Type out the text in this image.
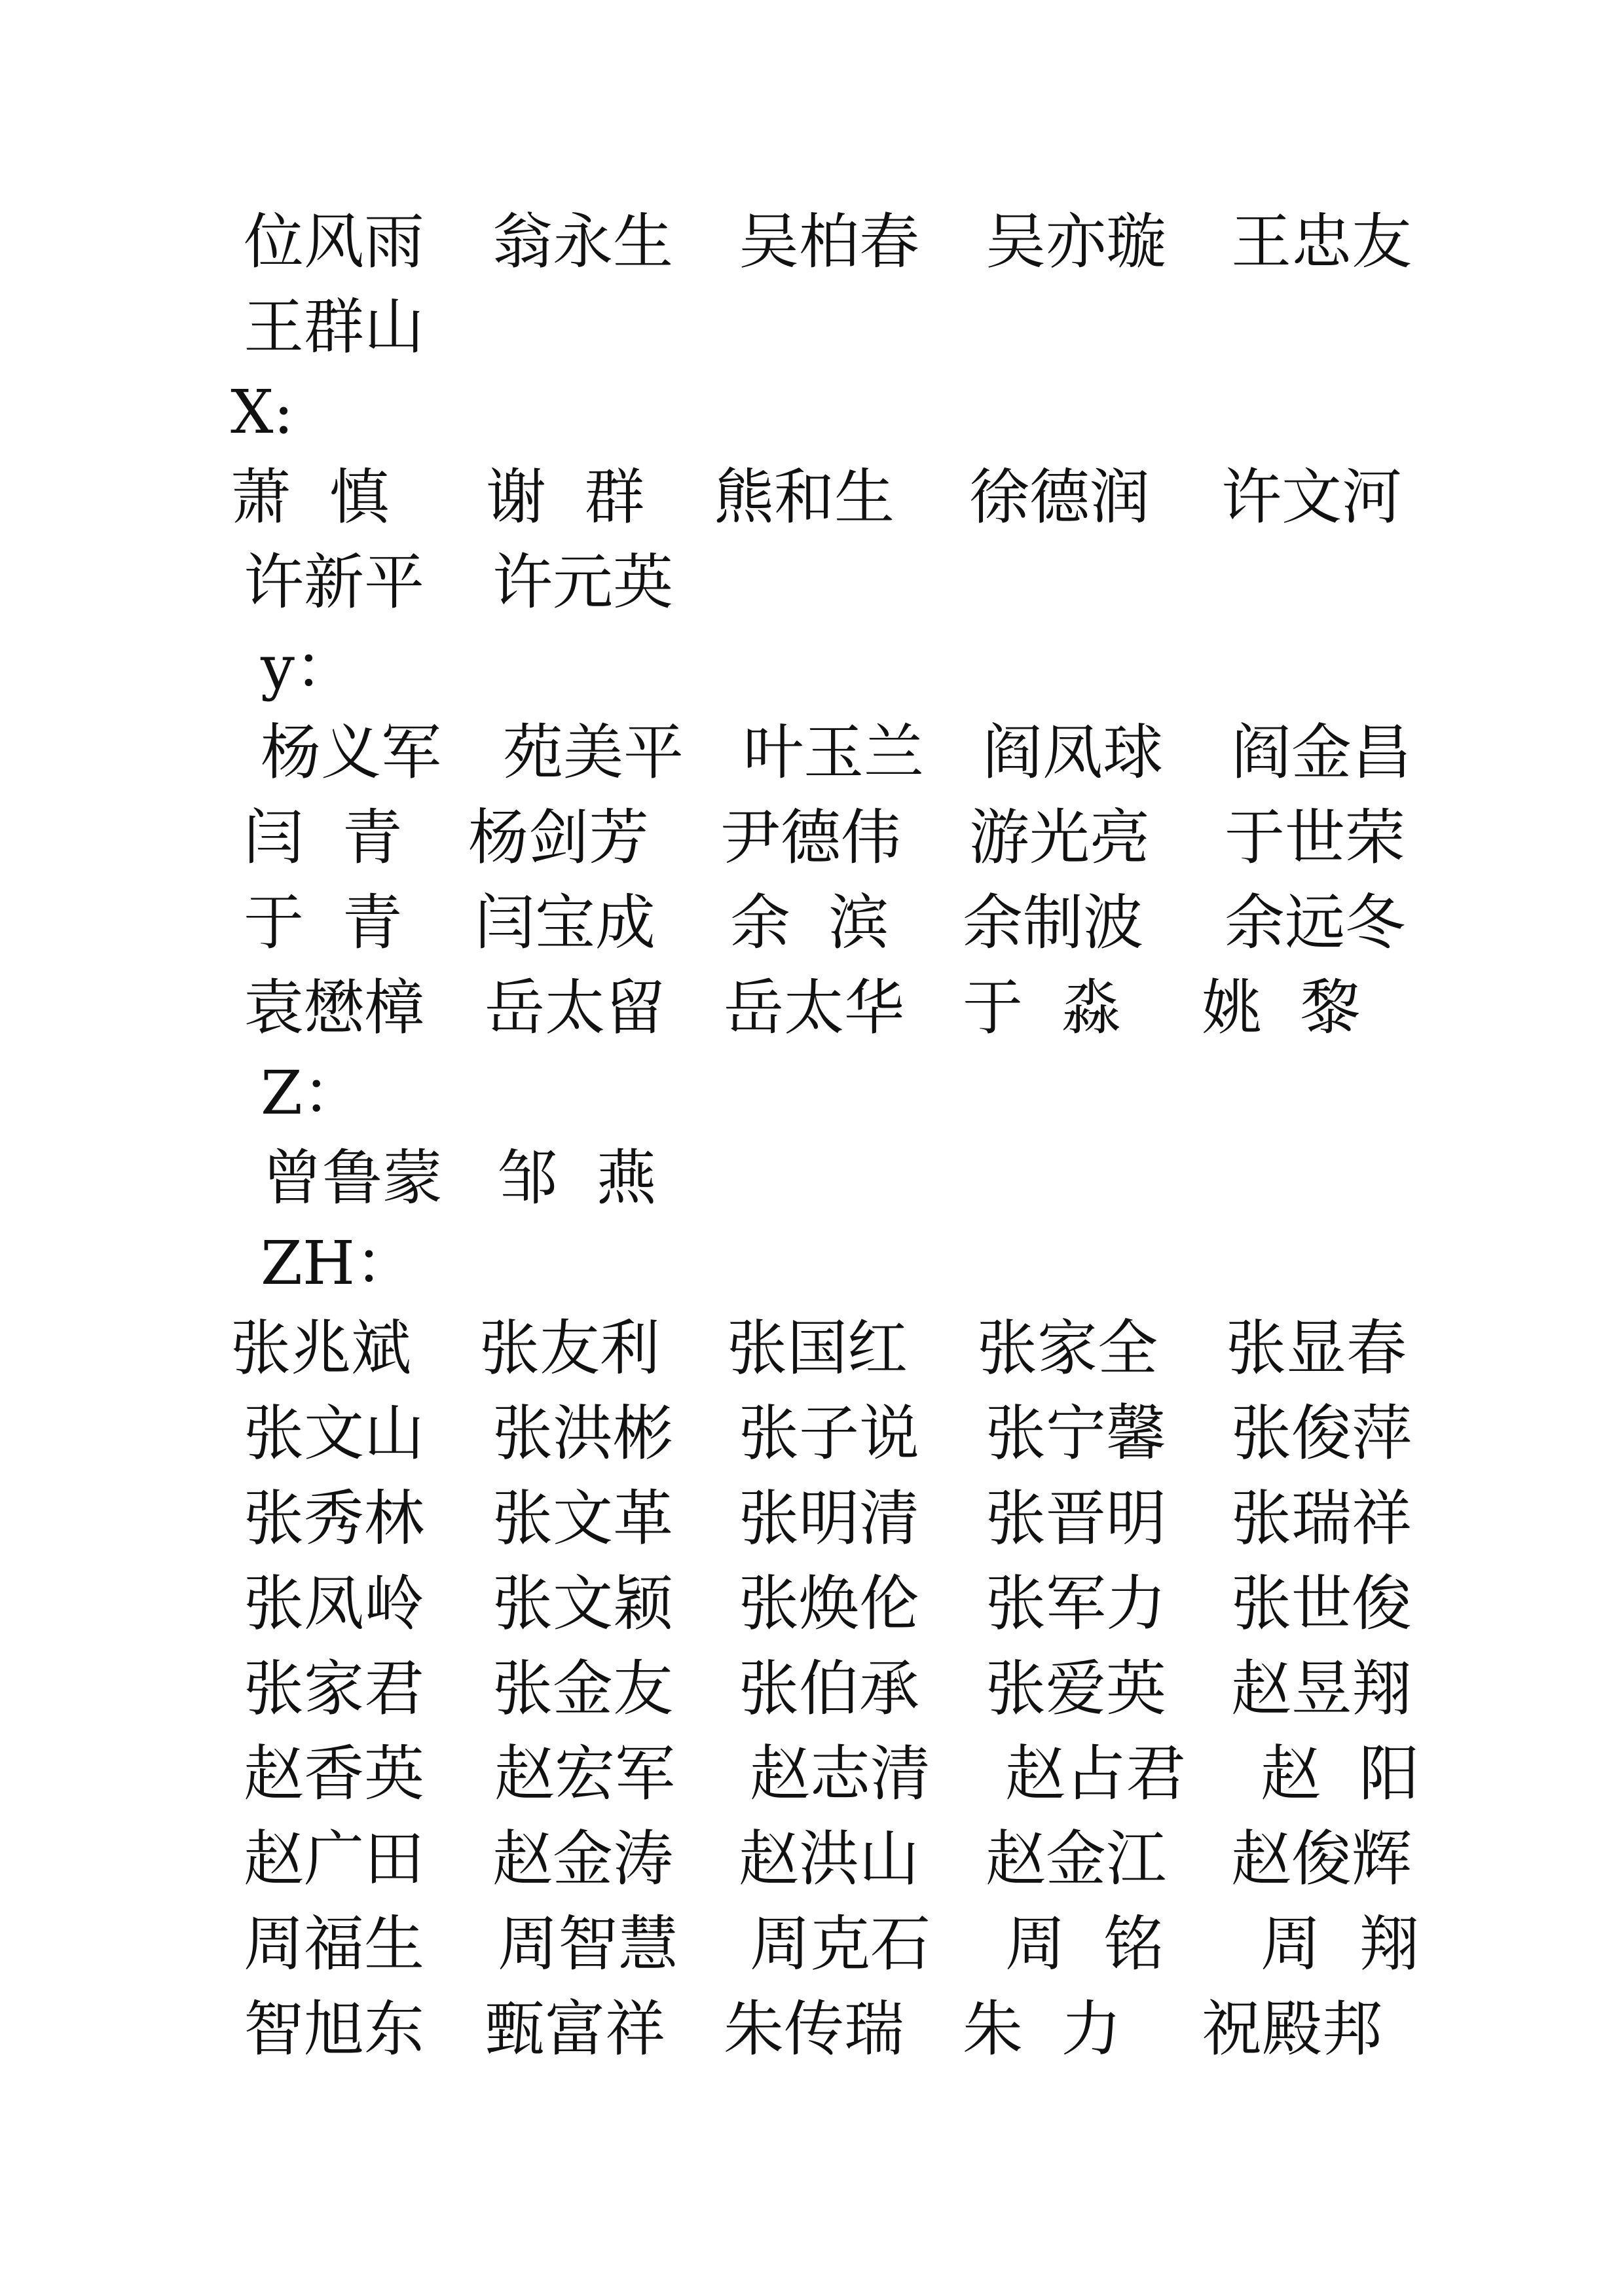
位风雨 翁永生 吴柏春 吴亦璇 王忠友
王群山
X:
萧  慎 谢  群 熊和生 徐德润 许文河
许新平 许元英
y：
杨义军 苑美平 叶玉兰 阎凤球 阎金昌
闫  青 杨剑芳 尹德伟 游光亮 于世荣
于  青 闫宝成 余  滨 余制波 余远冬
袁懋樟 岳太留 岳太华 于  淼 姚  黎
Z：
曾鲁蒙 邹  燕
ZH：
张兆斌 张友利 张国红 张家全 张显春
张文山 张洪彬 张子说 张宁馨 张俊萍
张秀林 张文革 张明清 张晋明 张瑞祥
张凤岭 张文颖 张焕伦 张军力 张世俊
张家君 张金友 张伯承 张爱英 赵昱翔
赵香英 赵宏军 赵志清 赵占君 赵  阳
赵广田 赵金涛 赵洪山 赵金江 赵俊辉
周福生 周智慧 周克石 周  铭 周  翔
智旭东 甄富祥 朱传瑞 朱  力 祝殿邦
